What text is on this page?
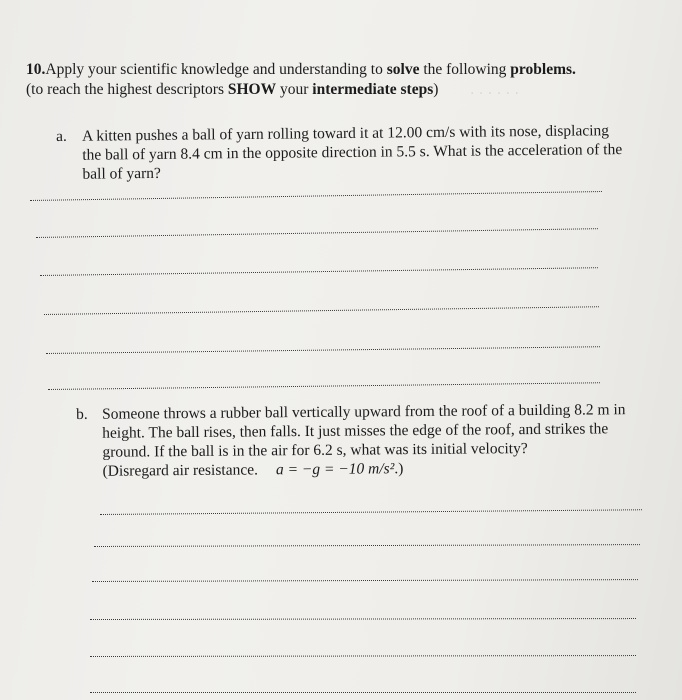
· · · · · ·
10.Apply your scientific knowledge and understanding to solve the following problems.
(to reach the highest descriptors SHOW your intermediate steps)
a. A kitten pushes a ball of yarn rolling toward it at 12.00 cm/s with its nose, displacing the ball of yarn 8.4 cm in the opposite direction in 5.5 s. What is the acceleration of the ball of yarn?

b. Someone throws a rubber ball vertically upward from the roof of a building 8.2 m in height. The ball rises, then falls. It just misses the edge of the roof, and strikes the ground. If the ball is in the air for 6.2 s, what was its initial velocity?
(Disregard air resistance. a = −g = −10 m/s².)
